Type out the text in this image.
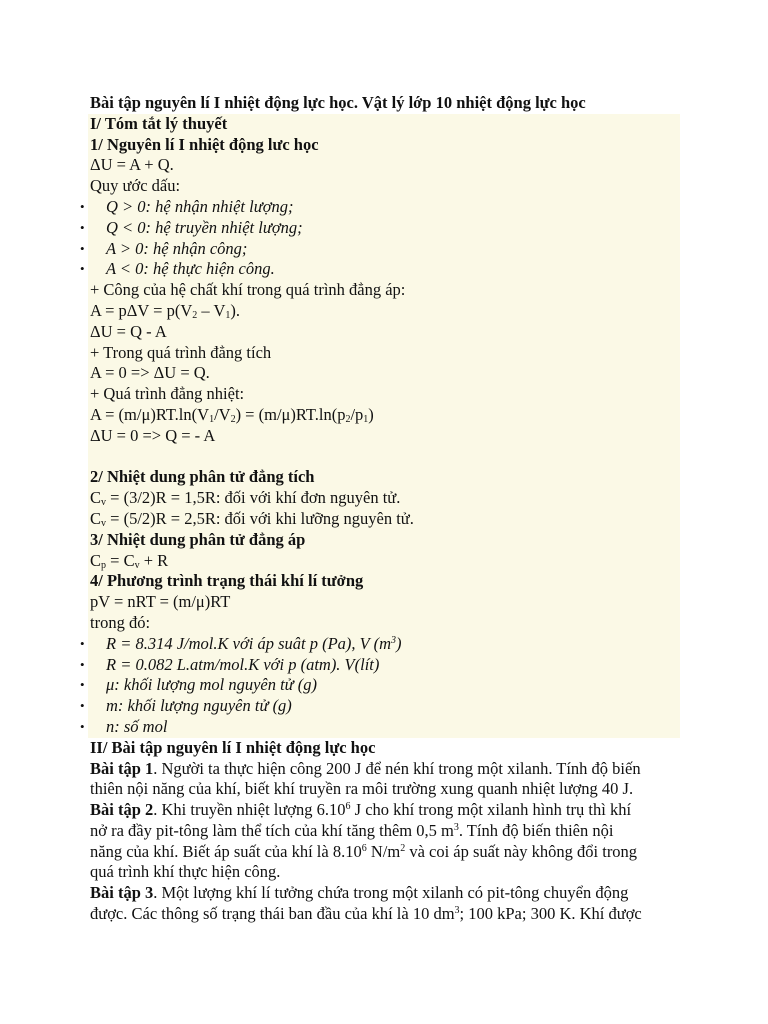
Bài tập nguyên lí I nhiệt động lực học. Vật lý lớp 10 nhiệt động lực học
I/ Tóm tắt lý thuyết
1/ Nguyên lí I nhiệt động lưc học
ΔU = A + Q.
Quy ước dấu:
• Q > 0: hệ nhận nhiệt lượng;
• Q < 0: hệ truyền nhiệt lượng;
• A > 0: hệ nhận công;
• A < 0: hệ thực hiện công.
+ Công của hệ chất khí trong quá trình đẳng áp:
$A = p\Delta V = p(V_2 - V_1)$.
ΔU = Q - A
+ Trong quá trình đẳng tích
A = 0 => ΔU = Q.
+ Quá trình đẳng nhiệt:
$A = (m/\mu)RT.\ln(V_1/V_2) = (m/\mu)RT.\ln(p_2/p_1)$
ΔU = 0 => Q = - A
2/ Nhiệt dung phân tử đẳng tích
$C_v = (3/2)R = 1,5R$: đối với khí đơn nguyên tử.
$C_v = (5/2)R = 2,5R$: đối với khi lưỡng nguyên tử.
3/ Nhiệt dung phân tử đẳng áp
$C_p = C_v + R$
4/ Phương trình trạng thái khí lí tưởng
pV = nRT = (m/μ)RT
trong đó:
• R = 8.314 J/mol.K với áp suât p (Pa), V $(m^3)$
• R = 0.082 L.atm/mol.K với p (atm). V(lít)
• μ: khối lượng mol nguyên tử (g)
• m: khối lượng nguyên tử (g)
• n: số mol
II/ Bài tập nguyên lí I nhiệt động lực học
Bài tập 1. Người ta thực hiện công 200 J để nén khí trong một xilanh. Tính độ biến
thiên nội năng của khí, biết khí truyền ra môi trường xung quanh nhiệt lượng 40 J.
Bài tập 2. Khi truyền nhiệt lượng 6.10$^6$ J cho khí trong một xilanh hình trụ thì khí
nở ra đầy pit-tông làm thể tích của khí tăng thêm 0,5 $m^3$. Tính độ biến thiên nội
năng của khí. Biết áp suất của khí là 8.10$^6$ $N/m^2$ và coi áp suất này không đổi trong
quá trình khí thực hiện công.
Bài tập 3. Một lượng khí lí tưởng chứa trong một xilanh có pit-tông chuyển động
được. Các thông số trạng thái ban đầu của khí là 10 $dm^3$; 100 kPa; 300 K. Khí được
